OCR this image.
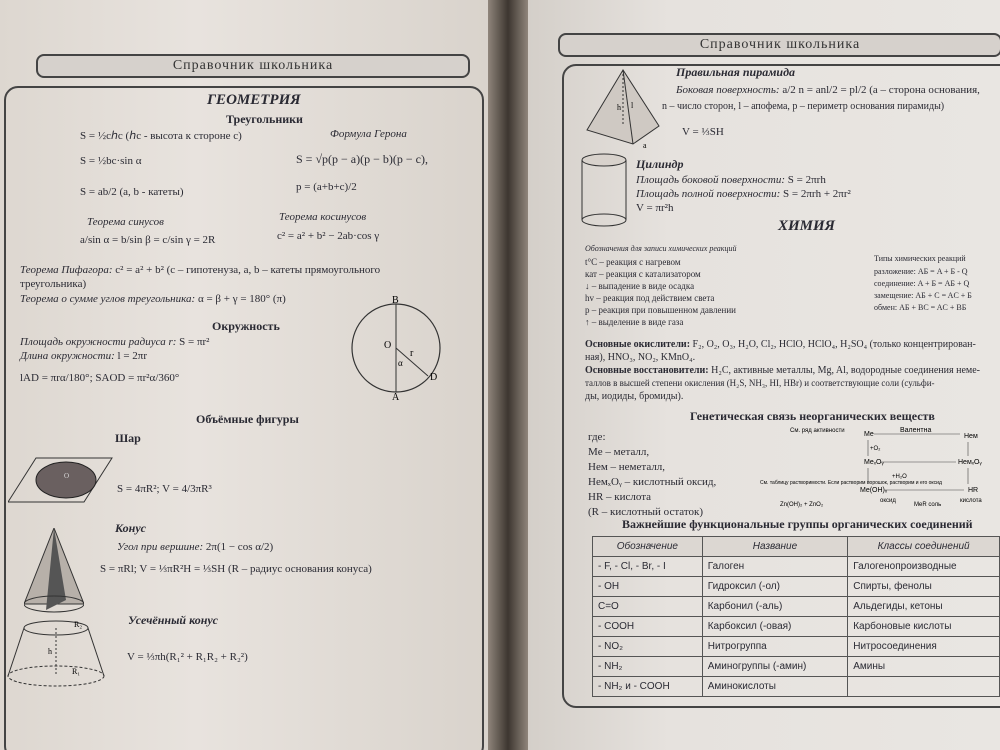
Справочник школьника
ГЕОМЕТРИЯ
Треугольники
S = ½cℎc (ℎc - высота к стороне с)	Формула Герона
S = ½bc·sin α	S = √p(p − a)(p − b)(p − c),
S = ab/2 (a, b - катеты)	p = (a+b+c)/2
Теорема синусов	Теорема косинусов
a/sin α = b/sin β = c/sin γ = 2R	c² = a² + b² − 2ab·cos γ
Теорема Пифагора: c² = a² + b² (с – гипотенуза, a, b – катеты прямоугольного
треугольника)
Теорема о сумме углов треугольника: α = β + γ = 180° (π)
Окружность
Площадь окружности радиуса r: S = πr²
Длина окружности: l = 2πr
lAD = πrα/180°; SAOD = πr²α/360°
B
O
r
α
D
A
Объёмные фигуры
Шар
O
S = 4πR²; V = 4/3πR³
Конус
Угол при вершине: 2π(1 − cos α/2)
S = πRl; V = ⅓πR²H = ⅓SH (R – радиус основания конуса)
Усечённый конус
R₂
h
R₁
V = ⅓πh(R₁² + R₁R₂ + R₂²)
Справочник школьника
h l
a
Правильная пирамида
Боковая поверхность: a/2 n = anl/2 = pl/2 (a – сторона основания,
n – число сторон, l – апофема, p – периметр основания пирамиды)
V = ⅓SH
Цилиндр
Площадь боковой поверхности: S = 2πrh
Площадь полной поверхности: S = 2πrh + 2πr²
V = πr²h
ХИМИЯ
Обозначения для записи химических реакций
t°C – реакция с нагревом
кат – реакция с катализатором
↓ – выпадение в виде осадка
hv – реакция под действием света
p – реакция при повышенном давлении
↑ – выделение в виде газа
Типы химических реакций
разложение: AБ = A + Б - Q
соединение: A + Б = AБ + Q
замещение: AБ + C = AC + Б
обмен: AБ + BC = AC + BБ
Основные окислители: F₂, O₂, O₃, H₂O, Cl₂, HClO, HClO₄, H₂SO₄ (только концентрирован-
ная), HNO₃, NO₂, KMnO₄.
Основные восстановители: H₂C, активные металлы, Mg, Al, водородные соединения неме-
таллов в высшей степени окисления (H₂S, NH₃, HI, HBr) и соответствующие соли (сульфи-
ды, иодиды, бромиды).
Генетическая связь неорганических веществ
где:
Me – металл,
Нем – неметалл,
НемₓOᵧ – кислотный оксид,
НR – кислота
(R – кислотный остаток)
См. ряд активности	Me
Валентна
Нем
MeₓOᵧ	НемₓOᵧ
Me(OH)ₓ	HR
MeR соль
См. таблицу растворимости. Если растворим порошок, растворим и его оксид
Zn(OH)₂ + ZnO₂
+O₂
+H₂O
оксид	кислота
Важнейшие функциональные группы органических соединений
Обозначение	Название	Классы соединений
- F, - Cl, - Br, - I	Галоген	Галогенопроизводные
- OH	Гидроксил (-ол)	Спирты, фенолы
C=O	Карбонил (-аль)	Альдегиды, кетоны
- COOH	Карбоксил (-овая)	Карбоновые кислоты
- NO₂	Нитрогруппа	Нитросоединения
- NH₂	Аминогруппы (-амин)	Амины
- NH₂ и - COOH	Аминокислоты	
